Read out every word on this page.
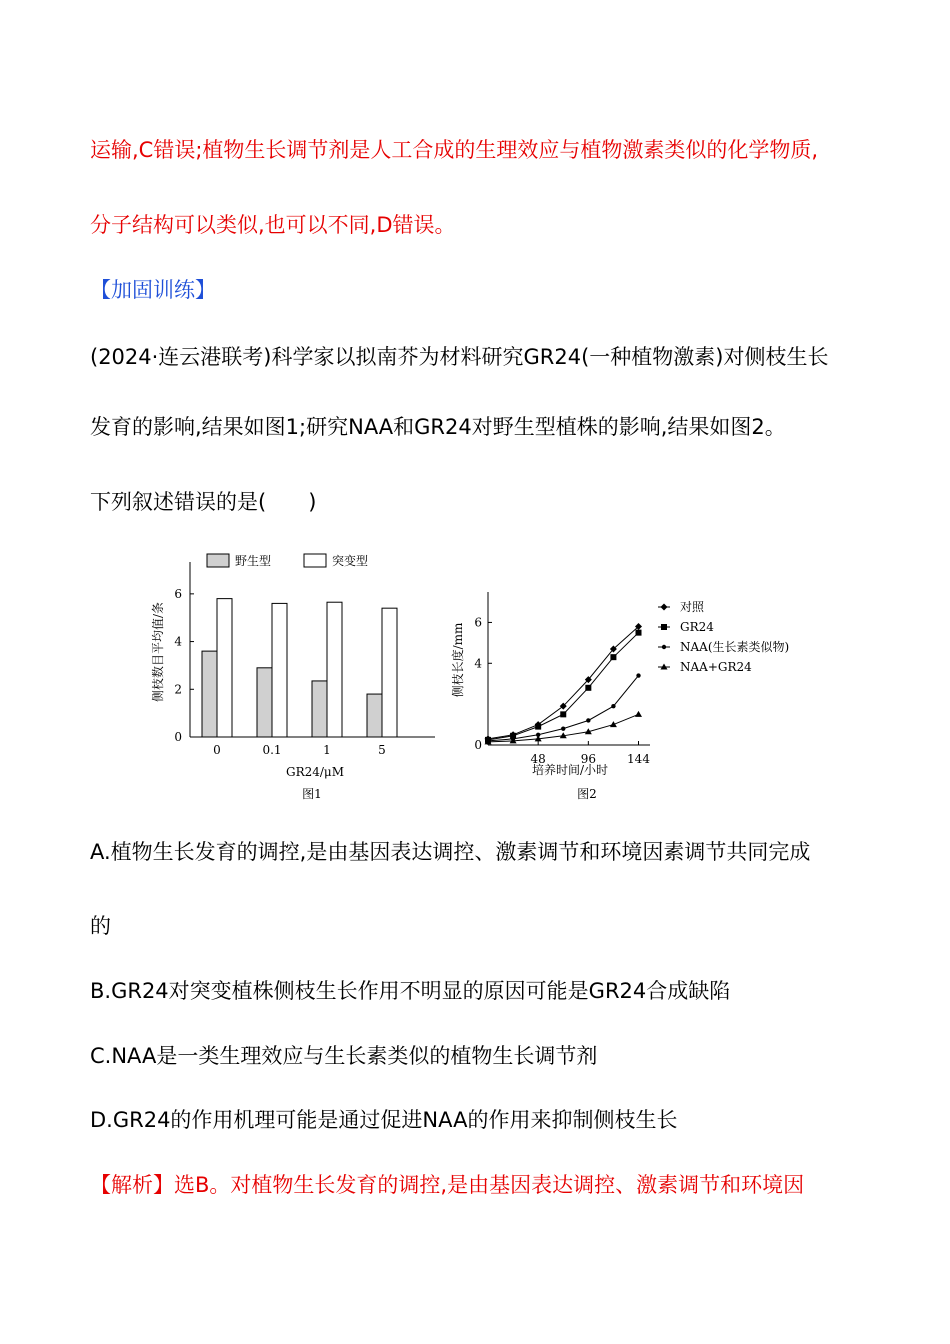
运输,C错误;植物生长调节剂是人工合成的生理效应与植物激素类似的化学物质,
分子结构可以类似,也可以不同,D错误。
【加固训练】
(2024·连云港联考)科学家以拟南芥为材料研究GR24(一种植物激素)对侧枝生长
发育的影响,结果如图1;研究NAA和GR24对野生型植株的影响,结果如图2。
下列叙述错误的是(　　)
0
2
4
6
0	0.1	1	5
GR24/μM
图1
侧枝数目平均值/条
野生型	突变型
0
4
6
48	96	144
培养时间/小时
图2
侧枝长度/mm
对照
GR24
NAA(生长素类似物)
NAA+GR24
A.植物生长发育的调控,是由基因表达调控、激素调节和环境因素调节共同完成
的
B.GR24对突变植株侧枝生长作用不明显的原因可能是GR24合成缺陷
C.NAA是一类生理效应与生长素类似的植物生长调节剂
D.GR24的作用机理可能是通过促进NAA的作用来抑制侧枝生长
【解析】选B。对植物生长发育的调控,是由基因表达调控、激素调节和环境因
